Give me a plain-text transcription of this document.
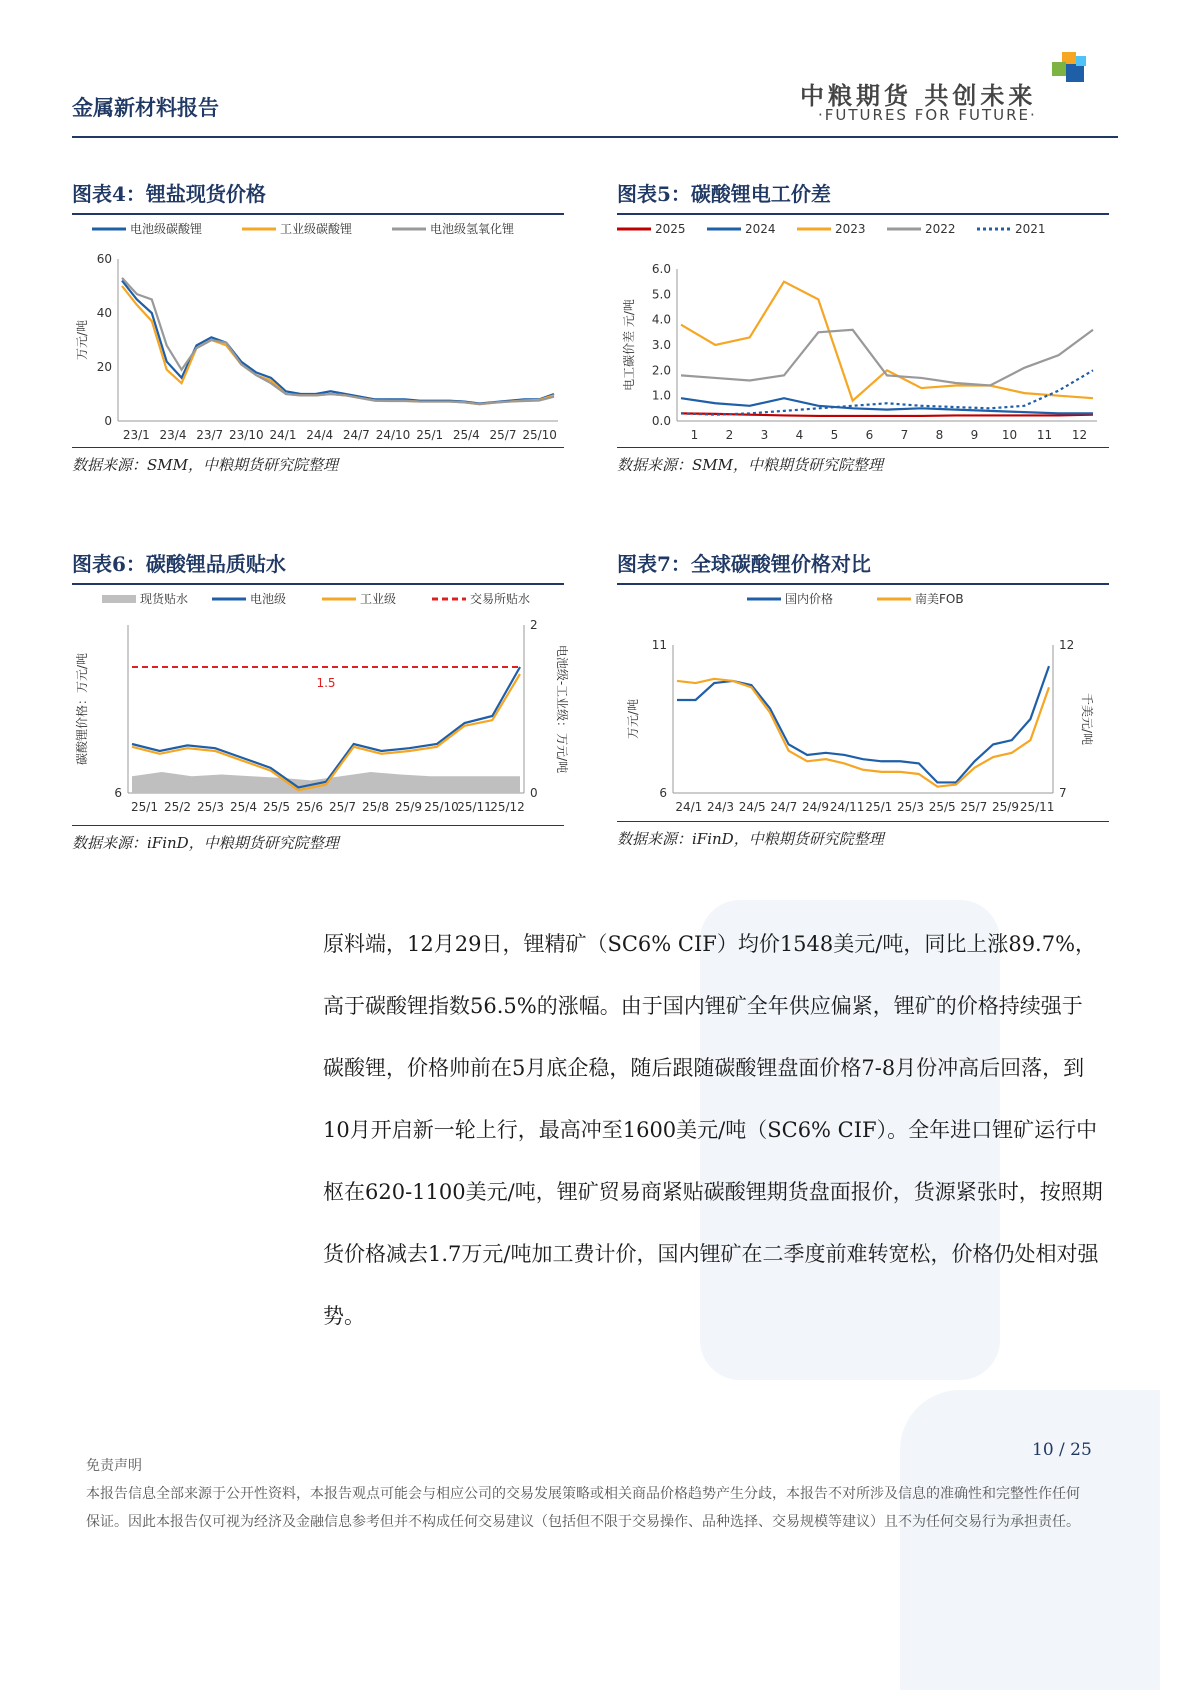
金属新材料报告	中粮期货 共创未来
·FUTURES FOR FUTURE·
图表4：锂盐现货价格
0
20
40
60
23/1 23/4 23/7 23/10 24/1 24/4 24/7 24/10 25/1 25/4 25/7 25/10
万元/吨
电池级碳酸锂	工业级碳酸锂	电池级氢氧化锂
数据来源：SMM，中粮期货研究院整理
图表5：碳酸锂电工价差
0.0
1.0
2.0
3.0
4.0
5.0
6.0
1 2 3 4 5 6 7 8 9 10 11 12
电工碳价差 元/吨
2025	2024	2023	2022	2021
数据来源：SMM，中粮期货研究院整理
图表6：碳酸锂品质贴水
6	0
2
25/1 25/2 25/3 25/4 25/5 25/6 25/7 25/8 25/9 25/10
25/11
25/12
碳酸锂价格：万元/吨	电池级-工业级：万元/吨
现货贴水	电池级	工业级	交易所贴水
1.5
数据来源：iFinD，中粮期货研究院整理
图表7：全球碳酸锂价格对比
6
11
7
12
24/1 24/3 24/5 24/7 24/9 24/11 25/1 25/3 25/5 25/7 25/9 25/11
万元/吨	千美元/吨
国内价格	南美FOB
数据来源：iFinD，中粮期货研究院整理
原料端，12月29日，锂精矿（SC6% CIF）均价1548美元/吨，同比上涨89.7%，高于碳酸锂指数56.5%的涨幅。由于国内锂矿全年供应偏紧，锂矿的价格持续强于碳酸锂，价格帅前在5月底企稳，随后跟随碳酸锂盘面价格7-8月份冲高后回落，到10月开启新一轮上行，最高冲至1600美元/吨（SC6% CIF）。全年进口锂矿运行中枢在620-1100美元/吨，锂矿贸易商紧贴碳酸锂期货盘面报价，货源紧张时，按照期货价格减去1.7万元/吨加工费计价，国内锂矿在二季度前难转宽松，价格仍处相对强势。
10 / 25
免责声明
本报告信息全部来源于公开性资料，本报告观点可能会与相应公司的交易发展策略或相关商品价格趋势产生分歧，本报告不对所涉及信息的准确性和完整性作任何保证。因此本报告仅可视为经济及金融信息参考但并不构成任何交易建议（包括但不限于交易操作、品种选择、交易规模等建议）且不为任何交易行为承担责任。
